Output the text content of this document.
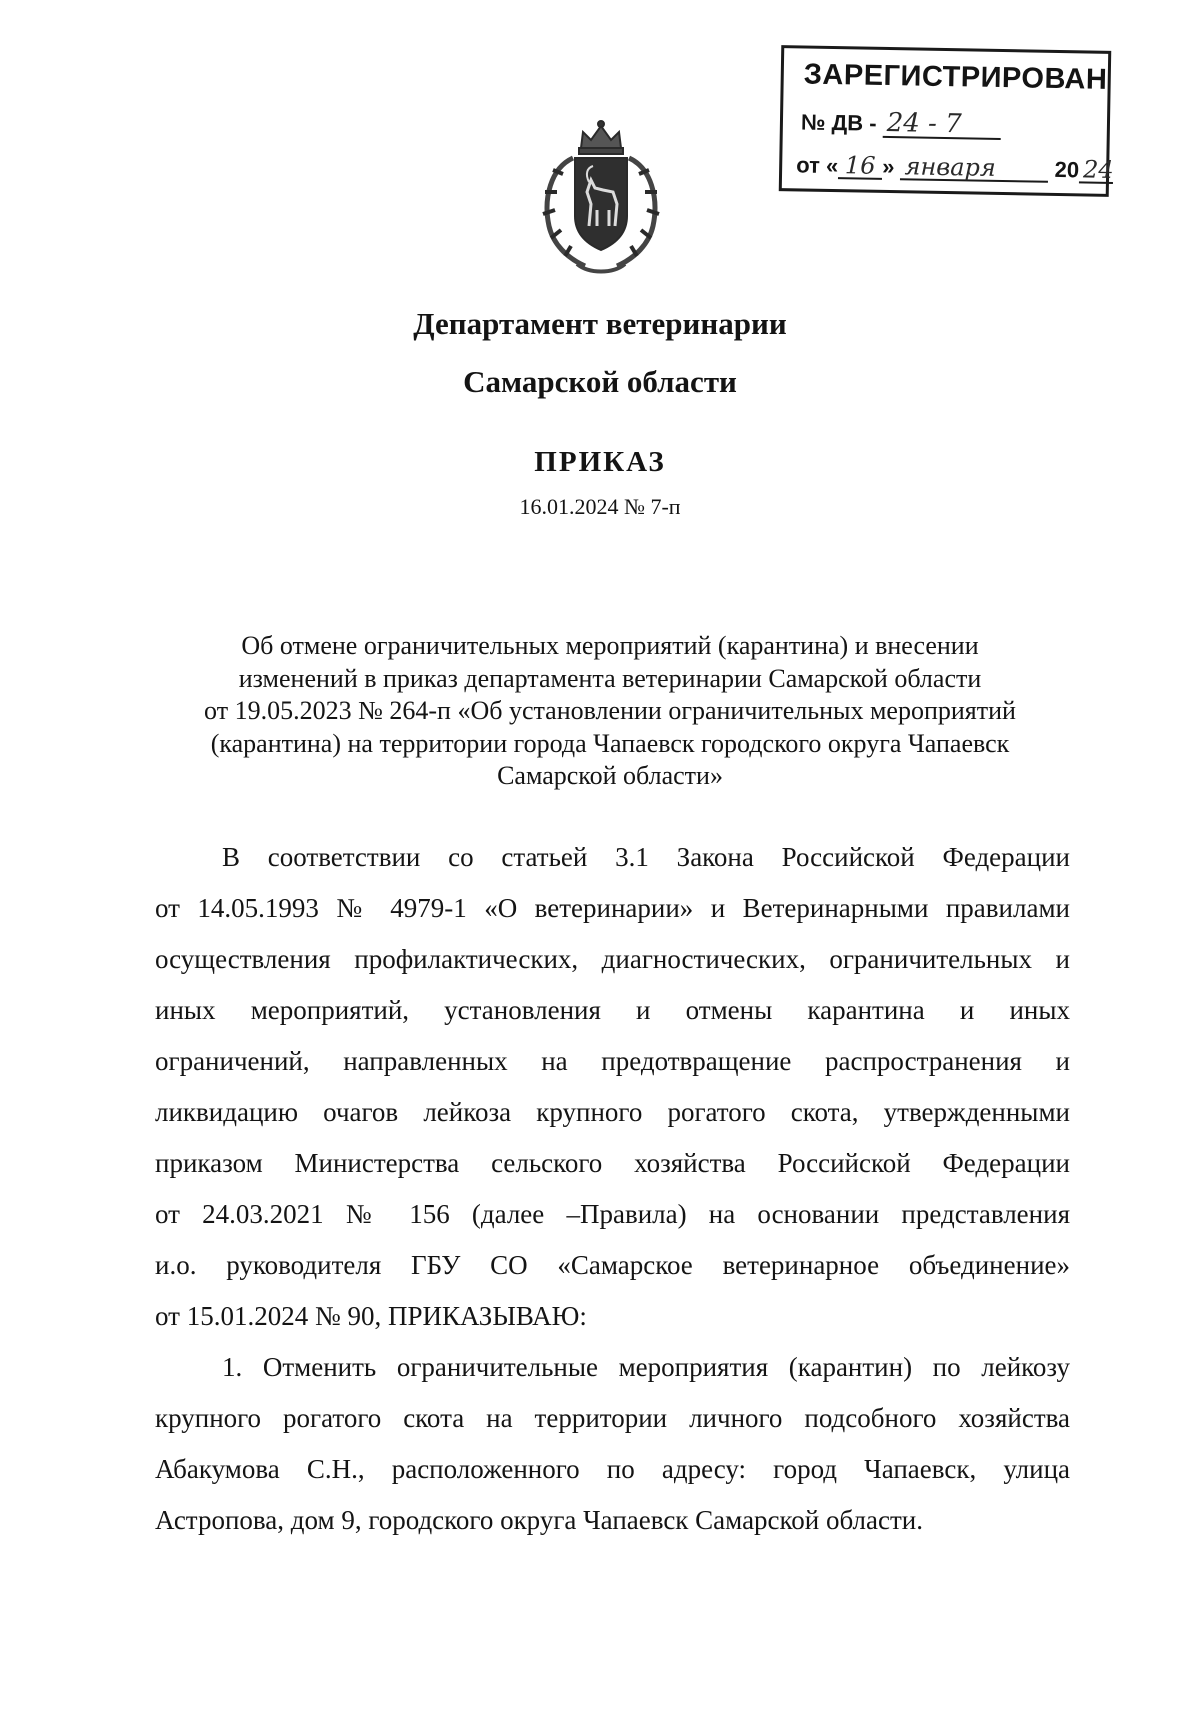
ЗАРЕГИСТРИРОВАН
№ ДВ - 24 - 7
от « 16 » января	20 24
Департамент ветеринарии
Самарской области
ПРИКАЗ
16.01.2024 № 7-п
Об отмене ограничительных мероприятий (карантина) и внесении
изменений в приказ департамента ветеринарии Самарской области
от 19.05.2023 № 264-п «Об установлении ограничительных мероприятий
(карантина) на территории города Чапаевск городского округа Чапаевск
Самарской области»
В соответствии со статьей 3.1 Закона Российской Федерации
от 14.05.1993 № 4979-1 «О ветеринарии» и Ветеринарными правилами
осуществления профилактических, диагностических, ограничительных и
иных мероприятий, установления и отмены карантина и иных
ограничений, направленных на предотвращение распространения и
ликвидацию очагов лейкоза крупного рогатого скота, утвержденными
приказом Министерства сельского хозяйства Российской Федерации
от 24.03.2021 № 156 (далее –Правила) на основании представления
и.о. руководителя ГБУ СО «Самарское ветеринарное объединение»
от 15.01.2024 № 90, ПРИКАЗЫВАЮ:
1. Отменить ограничительные мероприятия (карантин) по лейкозу
крупного рогатого скота на территории личного подсобного хозяйства
Абакумова С.Н., расположенного по адресу: город Чапаевск, улица
Астропова, дом 9, городского округа Чапаевск Самарской области.
